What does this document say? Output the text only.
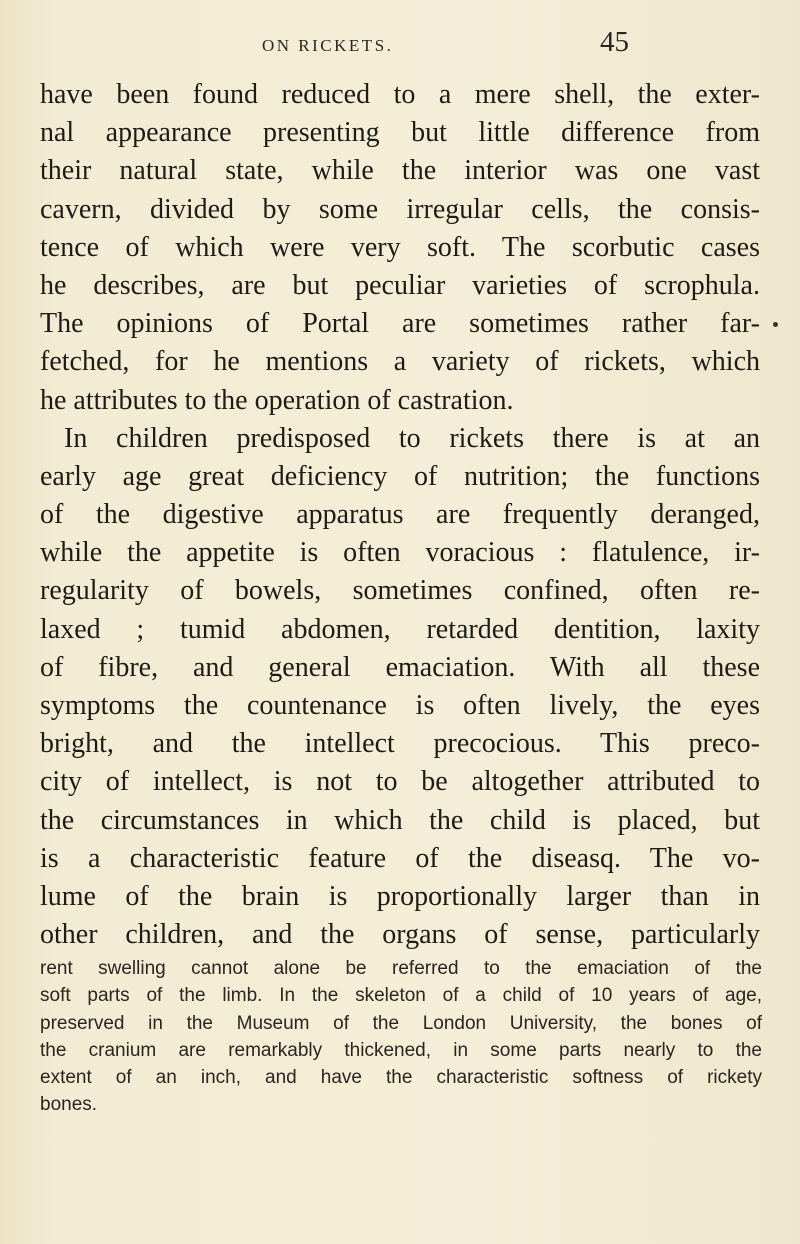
ON RICKETS.	45
have been found reduced to a mere shell, the exter-
nal appearance presenting but little difference from
their natural state, while the interior was one vast
cavern, divided by some irregular cells, the consis-
tence of which were very soft. The scorbutic cases
he describes, are but peculiar varieties of scrophula.
The opinions of Portal are sometimes rather far-
fetched, for he mentions a variety of rickets, which
he attributes to the operation of castration.
In children predisposed to rickets there is at an
early age great deficiency of nutrition; the functions
of the digestive apparatus are frequently deranged,
while the appetite is often voracious : flatulence, ir-
regularity of bowels, sometimes confined, often re-
laxed ; tumid abdomen, retarded dentition, laxity
of fibre, and general emaciation. With all these
symptoms the countenance is often lively, the eyes
bright, and the intellect precocious. This preco-
city of intellect, is not to be altogether attributed to
the circumstances in which the child is placed, but
is a characteristic feature of the diseasq. The vo-
lume of the brain is proportionally larger than in
other children, and the organs of sense, particularly
rent swelling cannot alone be referred to the emaciation of the
soft parts of the limb. In the skeleton of a child of 10 years of age,
preserved in the Museum of the London University, the bones of
the cranium are remarkably thickened, in some parts nearly to the
extent of an inch, and have the characteristic softness of rickety
bones.
